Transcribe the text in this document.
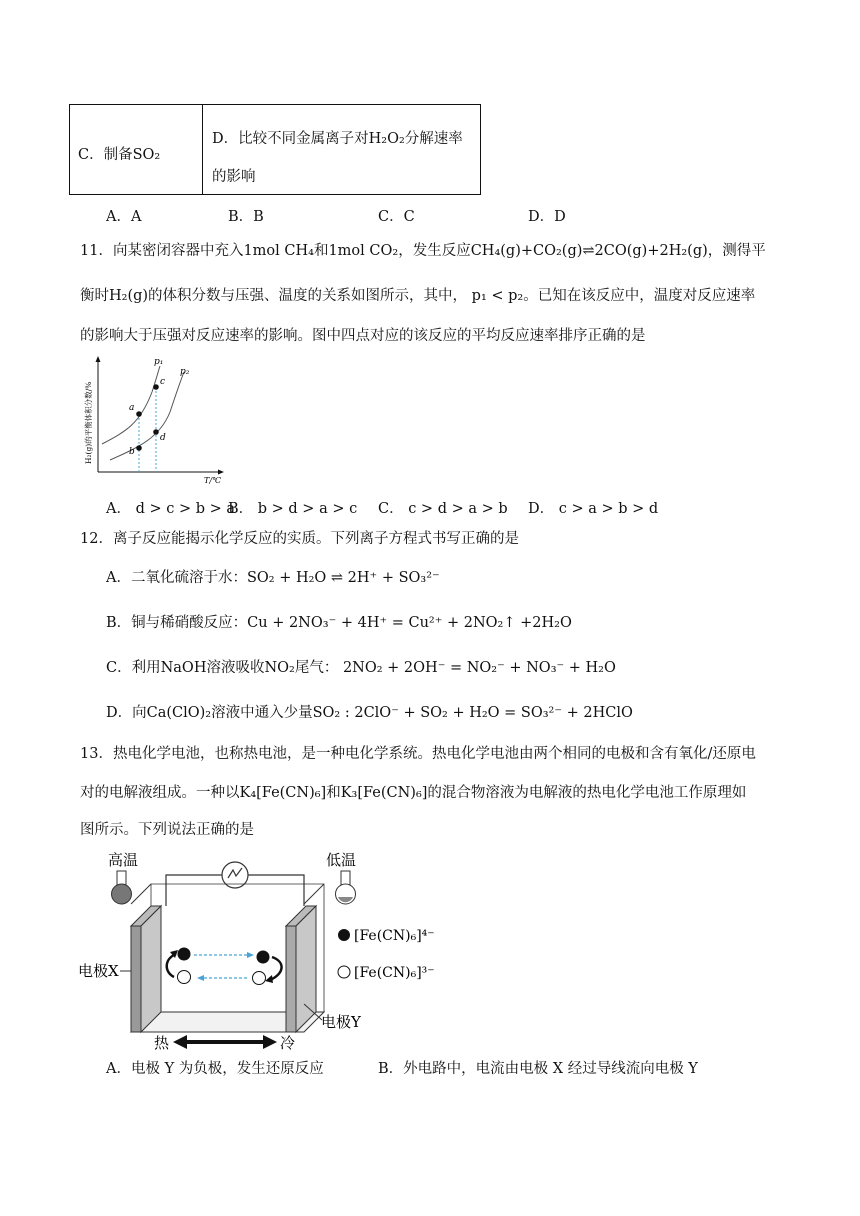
C．制备SO₂
D．比较不同金属离子对H₂O₂分解速率
的影响
A．A	B．B	C．C	D．D
11．向某密闭容器中充入1mol CH₄和1mol CO₂，发生反应CH₄(g)+CO₂(g)⇌2CO(g)+2H₂(g)，测得平
衡时H₂(g)的体积分数与压强、温度的关系如图所示，其中， p₁ < p₂。已知在该反应中，温度对反应速率
的影响大于压强对反应速率的影响。图中四点对应的该反应的平均反应速率排序正确的是
a
b
c
d
p₁
p₂
T/℃
H₂(g)的平衡体积分数/%
A． d > c > b > a
B． b > d > a > c C． c > d > a > b D． c > a > b > d
12．离子反应能揭示化学反应的实质。下列离子方程式书写正确的是
A．二氧化硫溶于水：SO₂ + H₂O ⇌ 2H⁺ + SO₃²⁻
B．铜与稀硝酸反应：Cu + 2NO₃⁻ + 4H⁺ = Cu²⁺ + 2NO₂↑ +2H₂O
C．利用NaOH溶液吸收NO₂尾气： 2NO₂ + 2OH⁻ = NO₂⁻ + NO₃⁻ + H₂O
D．向Ca(ClO)₂溶液中通入少量SO₂ : 2ClO⁻ + SO₂ + H₂O = SO₃²⁻ + 2HClO
13．热电化学电池，也称热电池，是一种电化学系统。热电化学电池由两个相同的电极和含有氧化/还原电
对的电解液组成。一种以K₄[Fe(CN)₆]和K₃[Fe(CN)₆]的混合物溶液为电解液的热电化学电池工作原理如
图所示。下列说法正确的是
高温	低温
电极X
电极Y
热	冷
[Fe(CN)₆]⁴⁻
[Fe(CN)₆]³⁻
A．电极 Y 为负极，发生还原反应	B．外电路中，电流由电极 X 经过导线流向电极 Y
